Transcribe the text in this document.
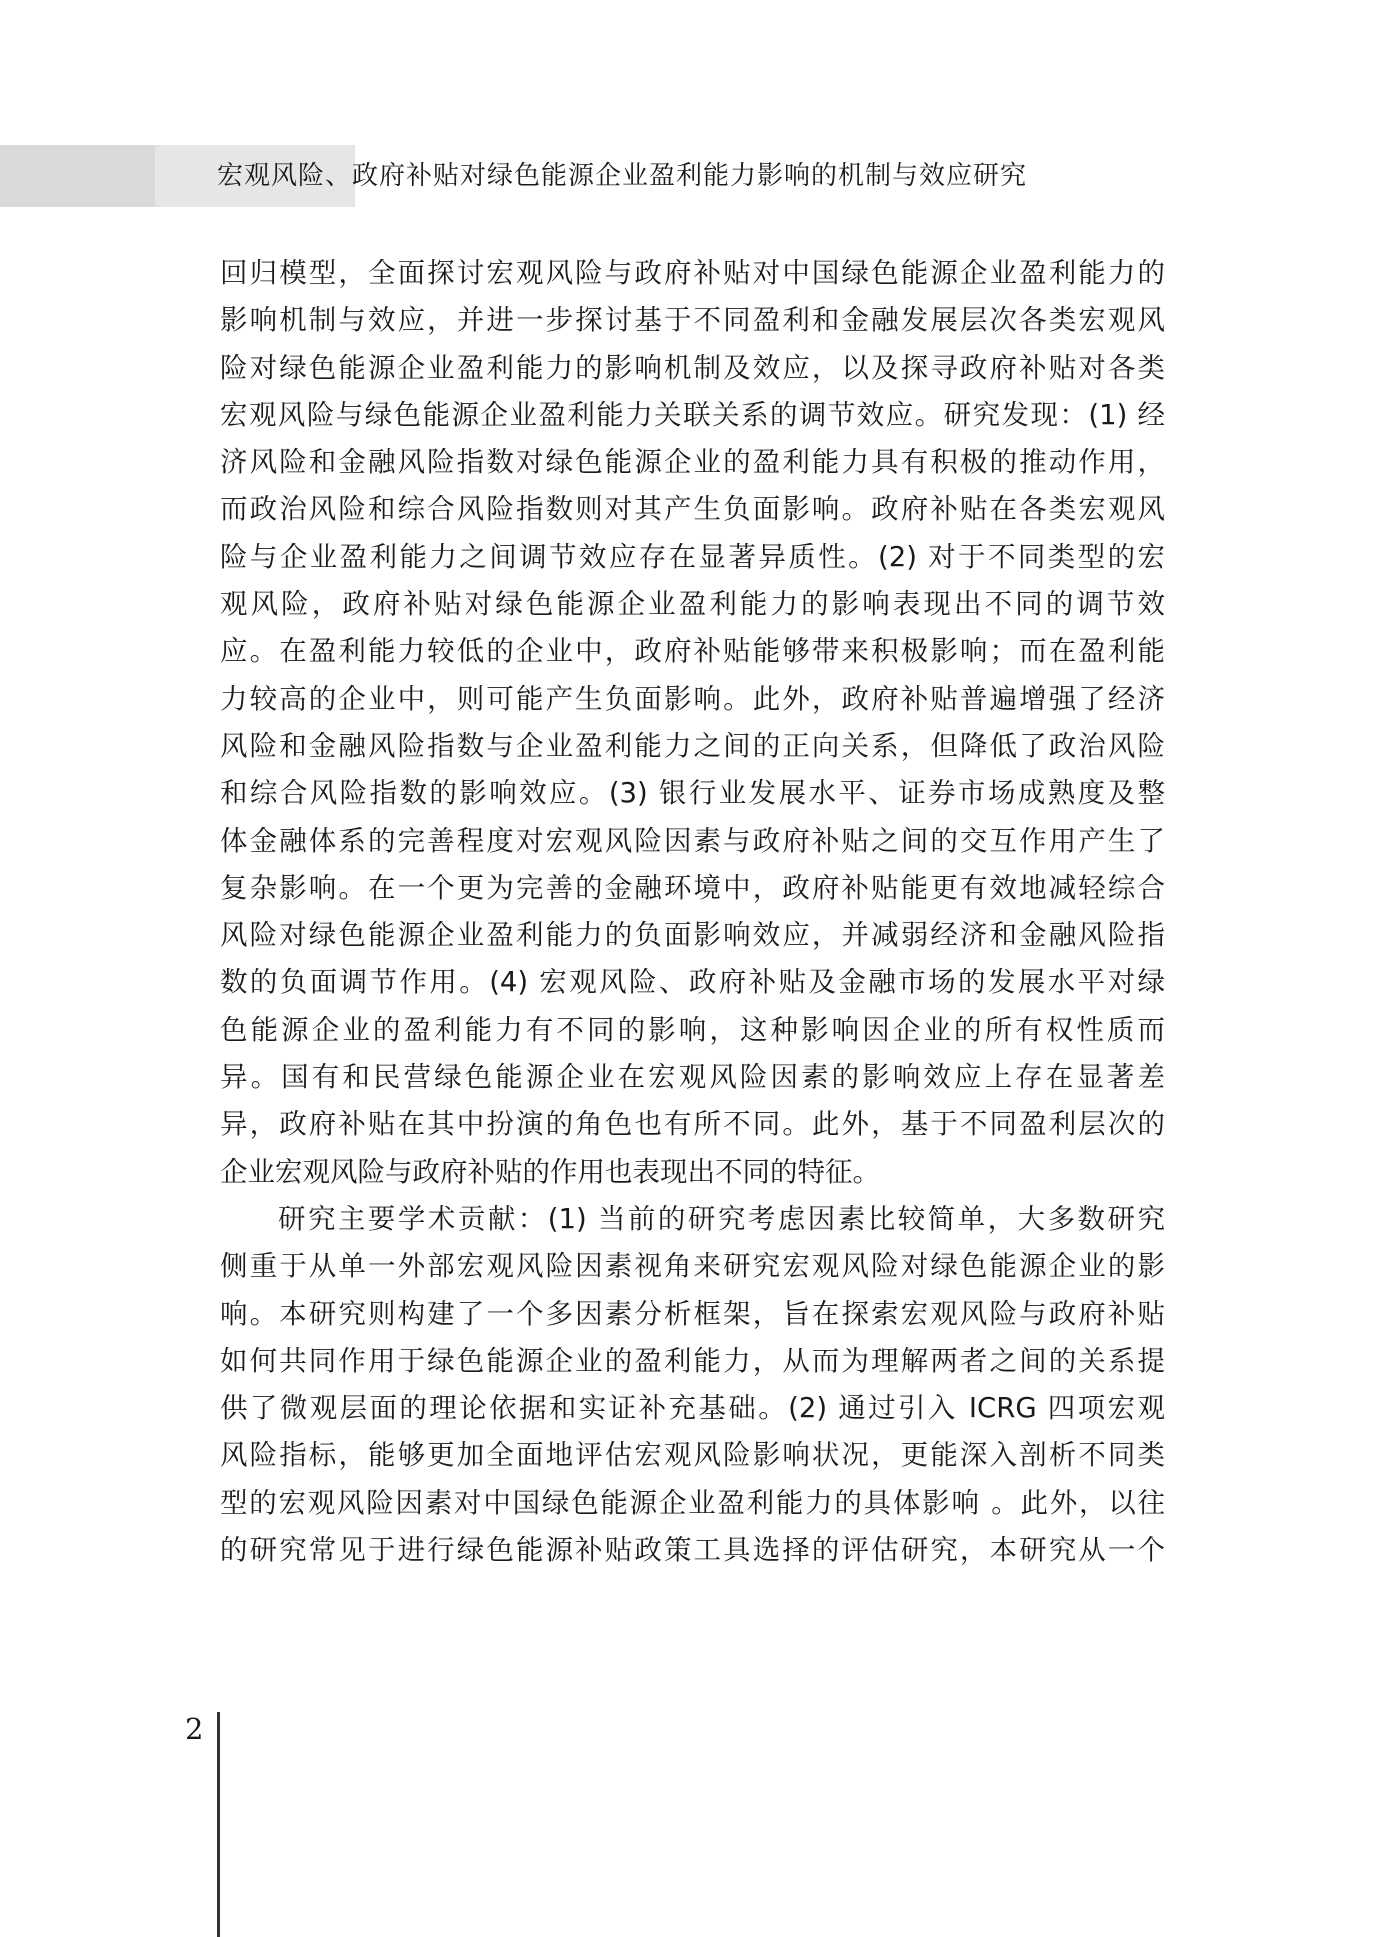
宏观风险、政府补贴对绿色能源企业盈利能力影响的机制与效应研究
回归模型，全面探讨宏观风险与政府补贴对中国绿色能源企业盈利能力的
影响机制与效应，并进一步探讨基于不同盈利和金融发展层次各类宏观风
险对绿色能源企业盈利能力的影响机制及效应，以及探寻政府补贴对各类
宏观风险与绿色能源企业盈利能力关联关系的调节效应。研究发现：(1) 经
济风险和金融风险指数对绿色能源企业的盈利能力具有积极的推动作用，
而政治风险和综合风险指数则对其产生负面影响。政府补贴在各类宏观风
险与企业盈利能力之间调节效应存在显著异质性。(2) 对于不同类型的宏
观风险，政府补贴对绿色能源企业盈利能力的影响表现出不同的调节效
应。在盈利能力较低的企业中，政府补贴能够带来积极影响；而在盈利能
力较高的企业中，则可能产生负面影响。此外，政府补贴普遍增强了经济
风险和金融风险指数与企业盈利能力之间的正向关系，但降低了政治风险
和综合风险指数的影响效应。(3) 银行业发展水平、证券市场成熟度及整
体金融体系的完善程度对宏观风险因素与政府补贴之间的交互作用产生了
复杂影响。在一个更为完善的金融环境中，政府补贴能更有效地减轻综合
风险对绿色能源企业盈利能力的负面影响效应，并减弱经济和金融风险指
数的负面调节作用。(4) 宏观风险、政府补贴及金融市场的发展水平对绿
色能源企业的盈利能力有不同的影响，这种影响因企业的所有权性质而
异。国有和民营绿色能源企业在宏观风险因素的影响效应上存在显著差
异，政府补贴在其中扮演的角色也有所不同。此外，基于不同盈利层次的
企业宏观风险与政府补贴的作用也表现出不同的特征。
研究主要学术贡献：(1) 当前的研究考虑因素比较简单，大多数研究
侧重于从单一外部宏观风险因素视角来研究宏观风险对绿色能源企业的影
响。本研究则构建了一个多因素分析框架，旨在探索宏观风险与政府补贴
如何共同作用于绿色能源企业的盈利能力，从而为理解两者之间的关系提
供了微观层面的理论依据和实证补充基础。(2) 通过引入 ICRG 四项宏观
风险指标，能够更加全面地评估宏观风险影响状况，更能深入剖析不同类
型的宏观风险因素对中国绿色能源企业盈利能力的具体影响 。此外，以往
的研究常见于进行绿色能源补贴政策工具选择的评估研究，本研究从一个
2
